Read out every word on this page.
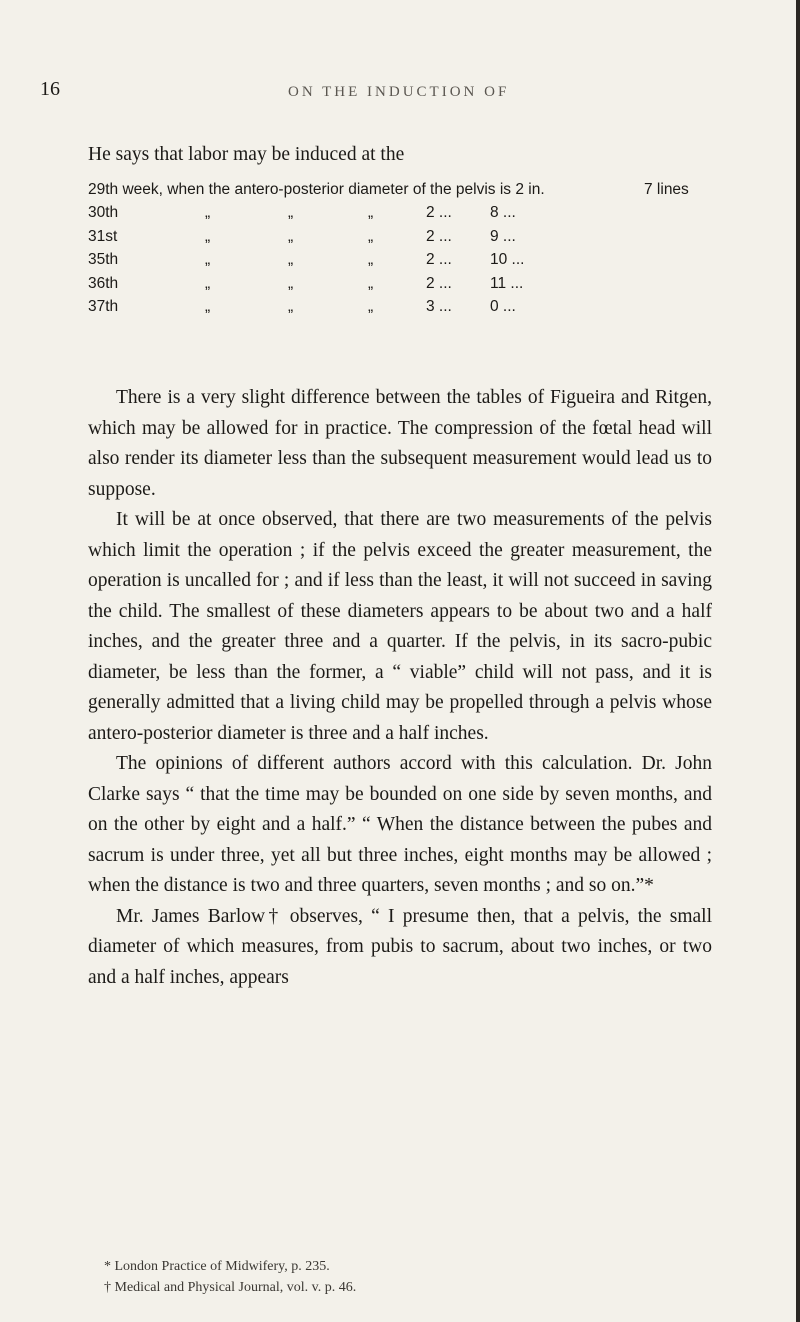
16	ON THE INDUCTION OF
He says that labor may be induced at the
29th week, when the antero-posterior diameter of the pelvis is 2 in.	7 lines
30th	„	„	„	2 ... 8 ...
31st	„	„	„	2 ... 9 ...
35th	„	„	„	2 ... 10 ...
36th	„	„	„	2 ... 11 ...
37th	„	„	„	3 ... 0 ...

There is a very slight difference between the tables of Figueira and Ritgen, which may be allowed for in practice. The compression of the fœtal head will also render its diameter less than the subsequent measurement would lead us to suppose.

It will be at once observed, that there are two measurements of the pelvis which limit the operation ; if the pelvis exceed the greater measurement, the operation is uncalled for ; and if less than the least, it will not succeed in saving the child. The smallest of these diameters appears to be about two and a half inches, and the greater three and a quarter. If the pelvis, in its sacro-pubic diameter, be less than the former, a “ viable” child will not pass, and it is generally admitted that a living child may be propelled through a pelvis whose antero-posterior diameter is three and a half inches.

The opinions of different authors accord with this calculation. Dr. John Clarke says “ that the time may be bounded on one side by seven months, and on the other by eight and a half.” “ When the distance between the pubes and sacrum is under three, yet all but three inches, eight months may be allowed ; when the distance is two and three quarters, seven months ; and so on.”*

Mr. James Barlow† observes, “ I presume then, that a pelvis, the small diameter of which measures, from pubis to sacrum, about two inches, or two and a half inches, appears

* London Practice of Midwifery, p. 235.
† Medical and Physical Journal, vol. v. p. 46.
